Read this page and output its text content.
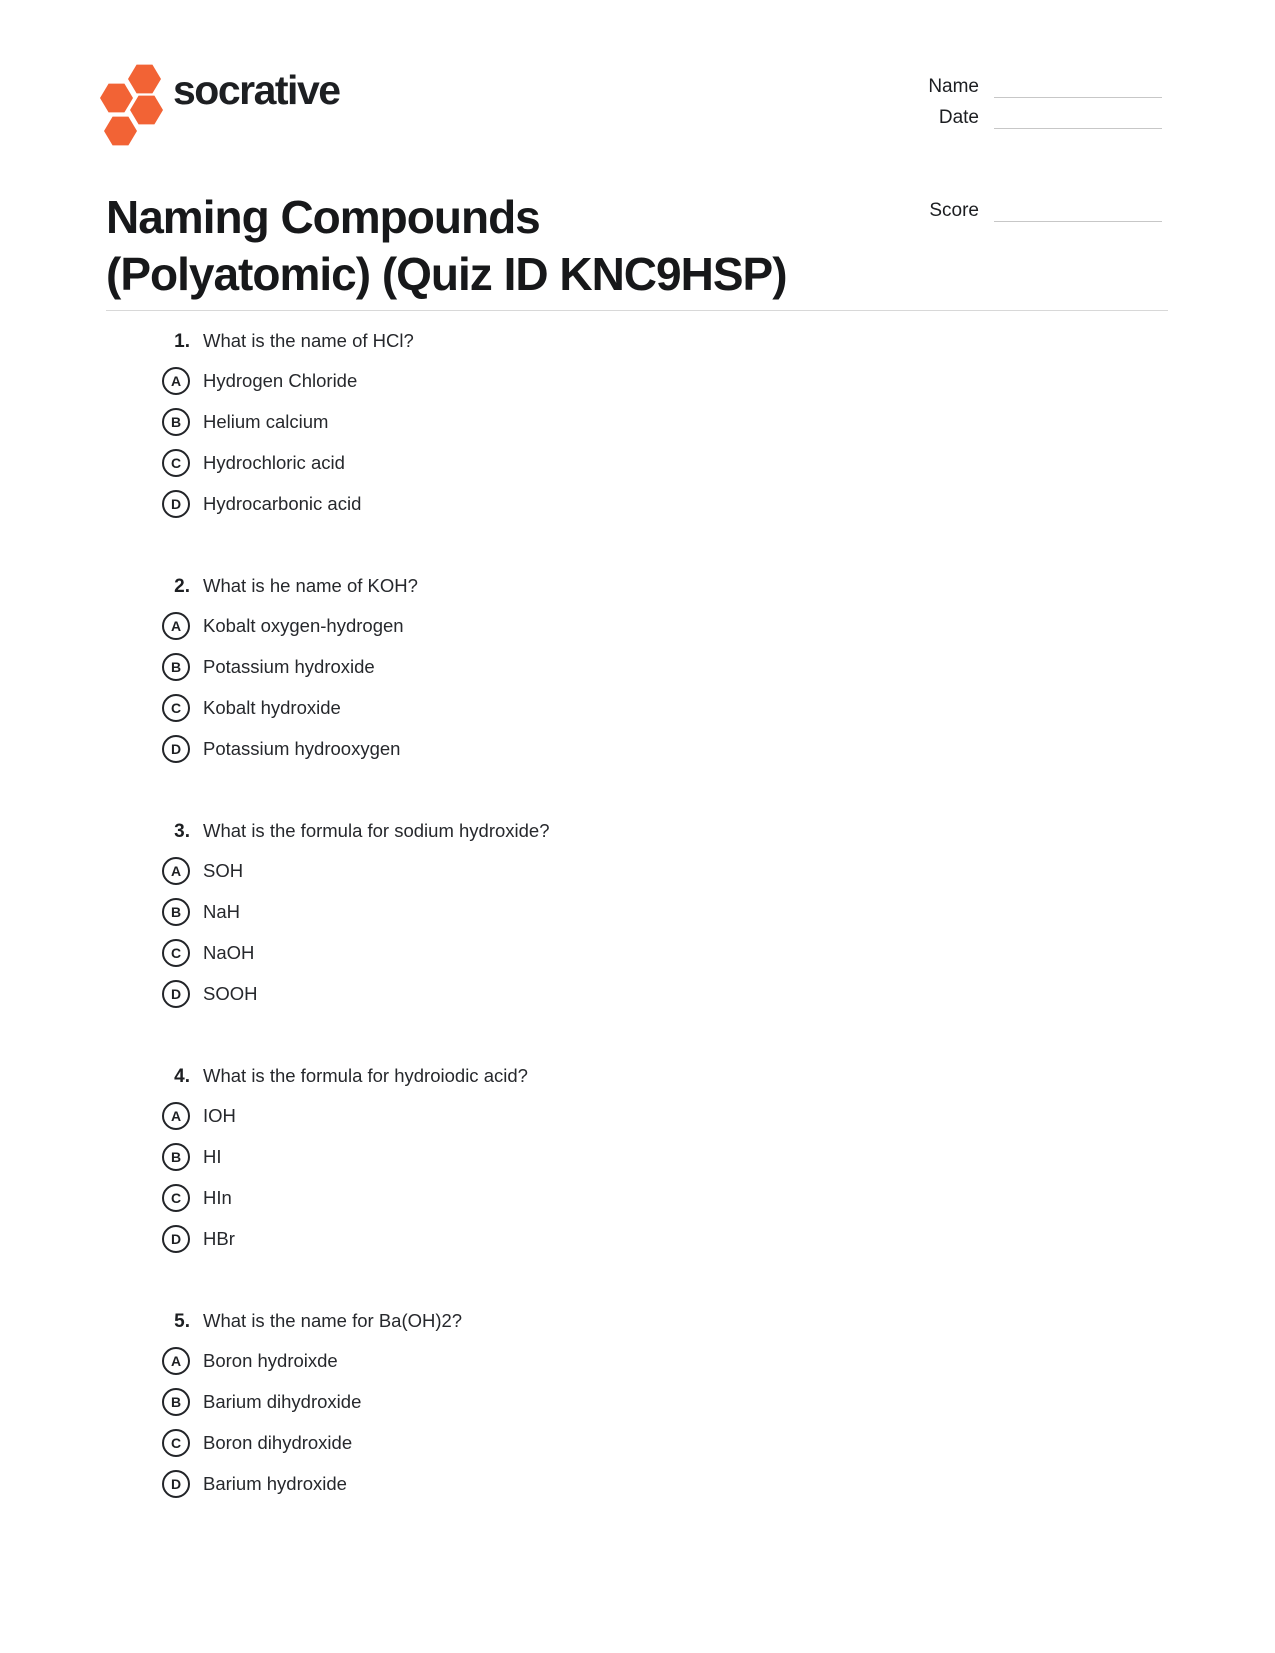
socrative	Name
Date
Score
Naming Compounds
(Polyatomic) (Quiz ID KNC9HSP)
1. What is the name of HCl?
A	Hydrogen Chloride
B	Helium calcium
C	Hydrochloric acid
D	Hydrocarbonic acid
2. What is he name of KOH?
A	Kobalt oxygen-hydrogen
B	Potassium hydroxide
C	Kobalt hydroxide
D	Potassium hydrooxygen
3. What is the formula for sodium hydroxide?
A	SOH
B	NaH
C	NaOH
D	SOOH
4. What is the formula for hydroiodic acid?
A	IOH
B	HI
C	HIn
D	HBr
5. What is the name for Ba(OH)2?
A	Boron hydroixde
B	Barium dihydroxide
C	Boron dihydroxide
D	Barium hydroxide
